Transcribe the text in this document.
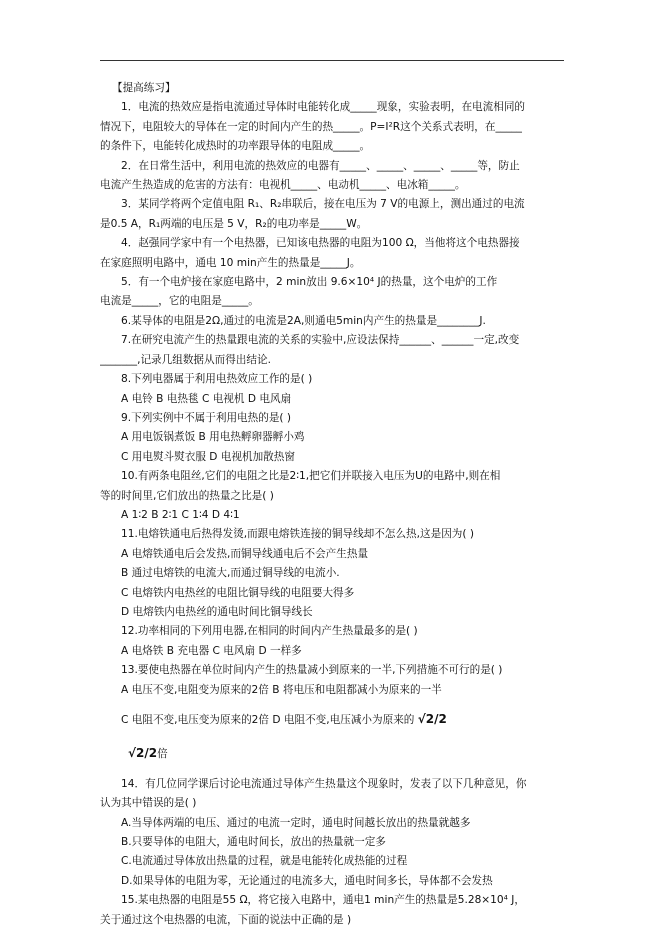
【提高练习】
1．电流的热效应是指电流通过导体时电能转化成_____现象，实验表明，在电流相同的
情况下，电阻较大的导体在一定的时间内产生的热_____。P=I²R这个关系式表明，在_____
的条件下，电能转化成热时的功率跟导体的电阻成_____。
2．在日常生活中，利用电流的热效应的电器有_____、_____、_____、_____等，防止
电流产生热造成的危害的方法有：电视机_____、电动机_____、电冰箱_____。
3．某同学将两个定值电阻 R₁、R₂串联后，接在电压为 7 V的电源上，测出通过的电流
是0.5 A，R₁两端的电压是 5 V，R₂的电功率是_____W。
4．赵强同学家中有一个电热器，已知该电热器的电阻为100 Ω，当他将这个电热器接
在家庭照明电路中，通电 10 min产生的热量是_____J。
5．有一个电炉接在家庭电路中，2 min放出 9.6×10⁴ J的热量，这个电炉的工作
电流是_____，它的电阻是_____。
6.某导体的电阻是2Ω,通过的电流是2A,则通电5min内产生的热量是________J.
7.在研究电流产生的热量跟电流的关系的实验中,应设法保持______、______一定,改变
_______,记录几组数据从而得出结论.
8.下列电器属于利用电热效应工作的是( )
A 电铃 B 电热毯 C 电视机 D 电风扇
9.下列实例中不属于利用电热的是( )
A 用电饭锅煮饭 B 用电热孵卵器孵小鸡
C 用电熨斗熨衣服 D 电视机加散热窗
10.有两条电阻丝,它们的电阻之比是2∶1,把它们并联接入电压为U的电路中,则在相
等的时间里,它们放出的热量之比是( )
A 1∶2 B 2∶1 C 1∶4 D 4∶1
11.电熔铁通电后热得发烫,而跟电熔铁连接的铜导线却不怎么热,这是因为( )
A 电熔铁通电后会发热,而铜导线通电后不会产生热量
B 通过电熔铁的电流大,而通过铜导线的电流小.
C 电熔铁内电热丝的电阻比铜导线的电阻要大得多
D 电熔铁内电热丝的通电时间比铜导线长
12.功率相同的下列用电器,在相同的时间内产生热量最多的是( )
A 电烙铁 B 充电器 C 电风扇 D 一样多
13.要使电热器在单位时间内产生的热量减小到原来的一半,下列措施不可行的是( )
A 电压不变,电阻变为原来的2倍 B 将电压和电阻都减小为原来的一半
C 电阻不变,电压变为原来的2倍 D 电阻不变,电压减小为原来的 √2/2
√2/2倍
14．有几位同学课后讨论电流通过导体产生热量这个现象时，发表了以下几种意见，你
认为其中错误的是( )
A.当导体两端的电压、通过的电流一定时，通电时间越长放出的热量就越多
B.只要导体的电阻大，通电时间长，放出的热量就一定多
C.电流通过导体放出热量的过程，就是电能转化成热能的过程
D.如果导体的电阻为零，无论通过的电流多大，通电时间多长，导体都不会发热
15.某电热器的电阻是55 Ω，将它接入电路中，通电1 min产生的热量是5.28×10⁴ J，
关于通过这个电热器的电流，下面的说法中正确的是 )
